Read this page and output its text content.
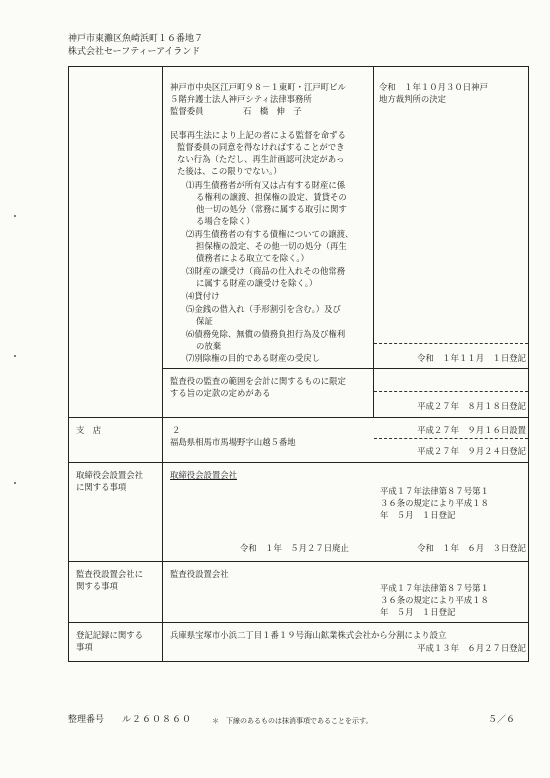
神戸市東灘区魚崎浜町１６番地７
株式会社セーフティーアイランド
神戸市中央区江戸町９８－１東町・江戸町ビル
５階弁護士法人神戸シティ法律事務所
監督委員	石　橋　伸　子
令和　１年１０月３０日神戸
地方裁判所の決定
民事再生法により上記の者による監督を命ずる
監督委員の同意を得なければすることができ
ない行為（ただし、再生計画認可決定があっ
た後は、この限りでない。）
⑴再生債務者が所有又は占有する財産に係
る権利の譲渡、担保権の設定、賃貸その
他一切の処分（常務に属する取引に関す
る場合を除く）
⑵再生債務者の有する債権についての譲渡、
担保権の設定、その他一切の処分（再生
債務者による取立てを除く。）
⑶財産の譲受け（商品の仕入れその他常務
に属する財産の譲受けを除く。）
⑷貸付け
⑸金銭の借入れ（手形割引を含む。）及び
保証
⑹債務免除、無償の債務負担行為及び権利
の放棄
⑺別除権の目的である財産の受戻し	令和　１年１１月　１日登記
監査役の監査の範囲を会計に関するものに限定
する旨の定款の定めがある
平成２７年　８月１８日登記
支　店	２
福島県相馬市馬場野字山越５番地
平成２７年　９月１６日設置
平成２７年　９月２４日登記
取締役会設置会社
に関する事項
取締役会設置会社
平成１７年法律第８７号第１
３６条の規定により平成１８
年　５月　１日登記
令和　１年　５月２７日廃止	令和　１年　６月　３日登記
監査役設置会社に
関する事項
監査役設置会社
平成１７年法律第８７号第１
３６条の規定により平成１８
年　５月　１日登記
登記記録に関する
事項
兵庫県宝塚市小浜二丁目１番１９号海山鉱業株式会社から分割により設立
平成１３年　６月２７日登記
整理番号 ル２６０８６０	＊　下線のあるものは抹消事項であることを示す。	５／６
